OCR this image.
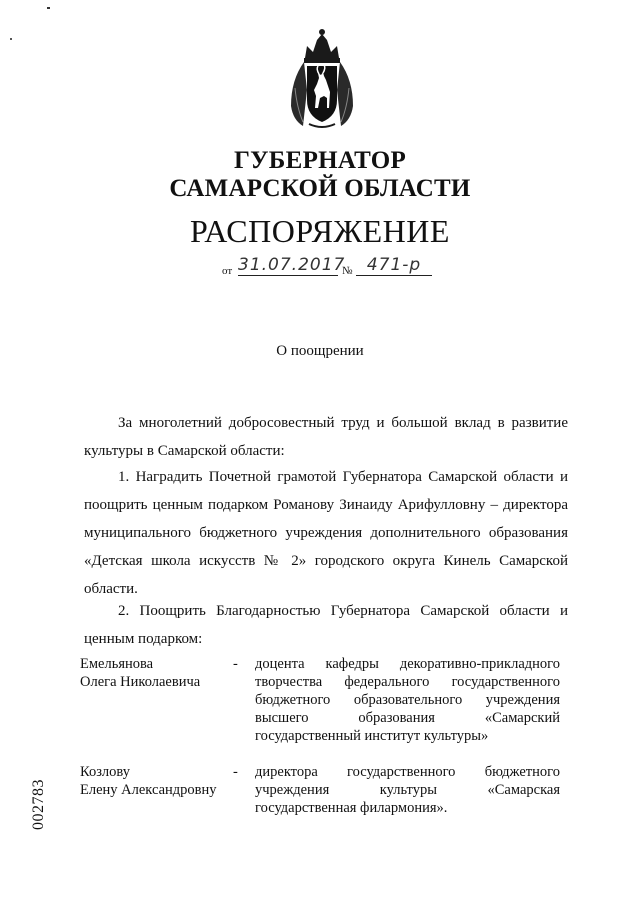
ГУБЕРНАТОР
САМАРСКОЙ ОБЛАСТИ
РАСПОРЯЖЕНИЕ
от 31.07.2017
№ 471-р
О поощрении
За многолетний добросовестный труд и большой вклад в развитие культуры в Самарской области:
1. Наградить Почетной грамотой Губернатора Самарской области и поощрить ценным подарком Романову Зинаиду Арифулловну – директора муниципального бюджетного учреждения дополнительного образования «Детская школа искусств № 2» городского округа Кинель Самарской области.
2. Поощрить Благодарностью Губернатора Самарской области и ценным подарком:
Емельянова
Олега Николаевича
- доцента кафедры декоративно-прикладного творчества федерального государственного бюджетного образовательного учреждения высшего образования «Самарский государственный институт культуры»
Козлову
Елену Александровну
- директора государственного бюджетного учреждения культуры «Самарская государственная филармония».
002783
